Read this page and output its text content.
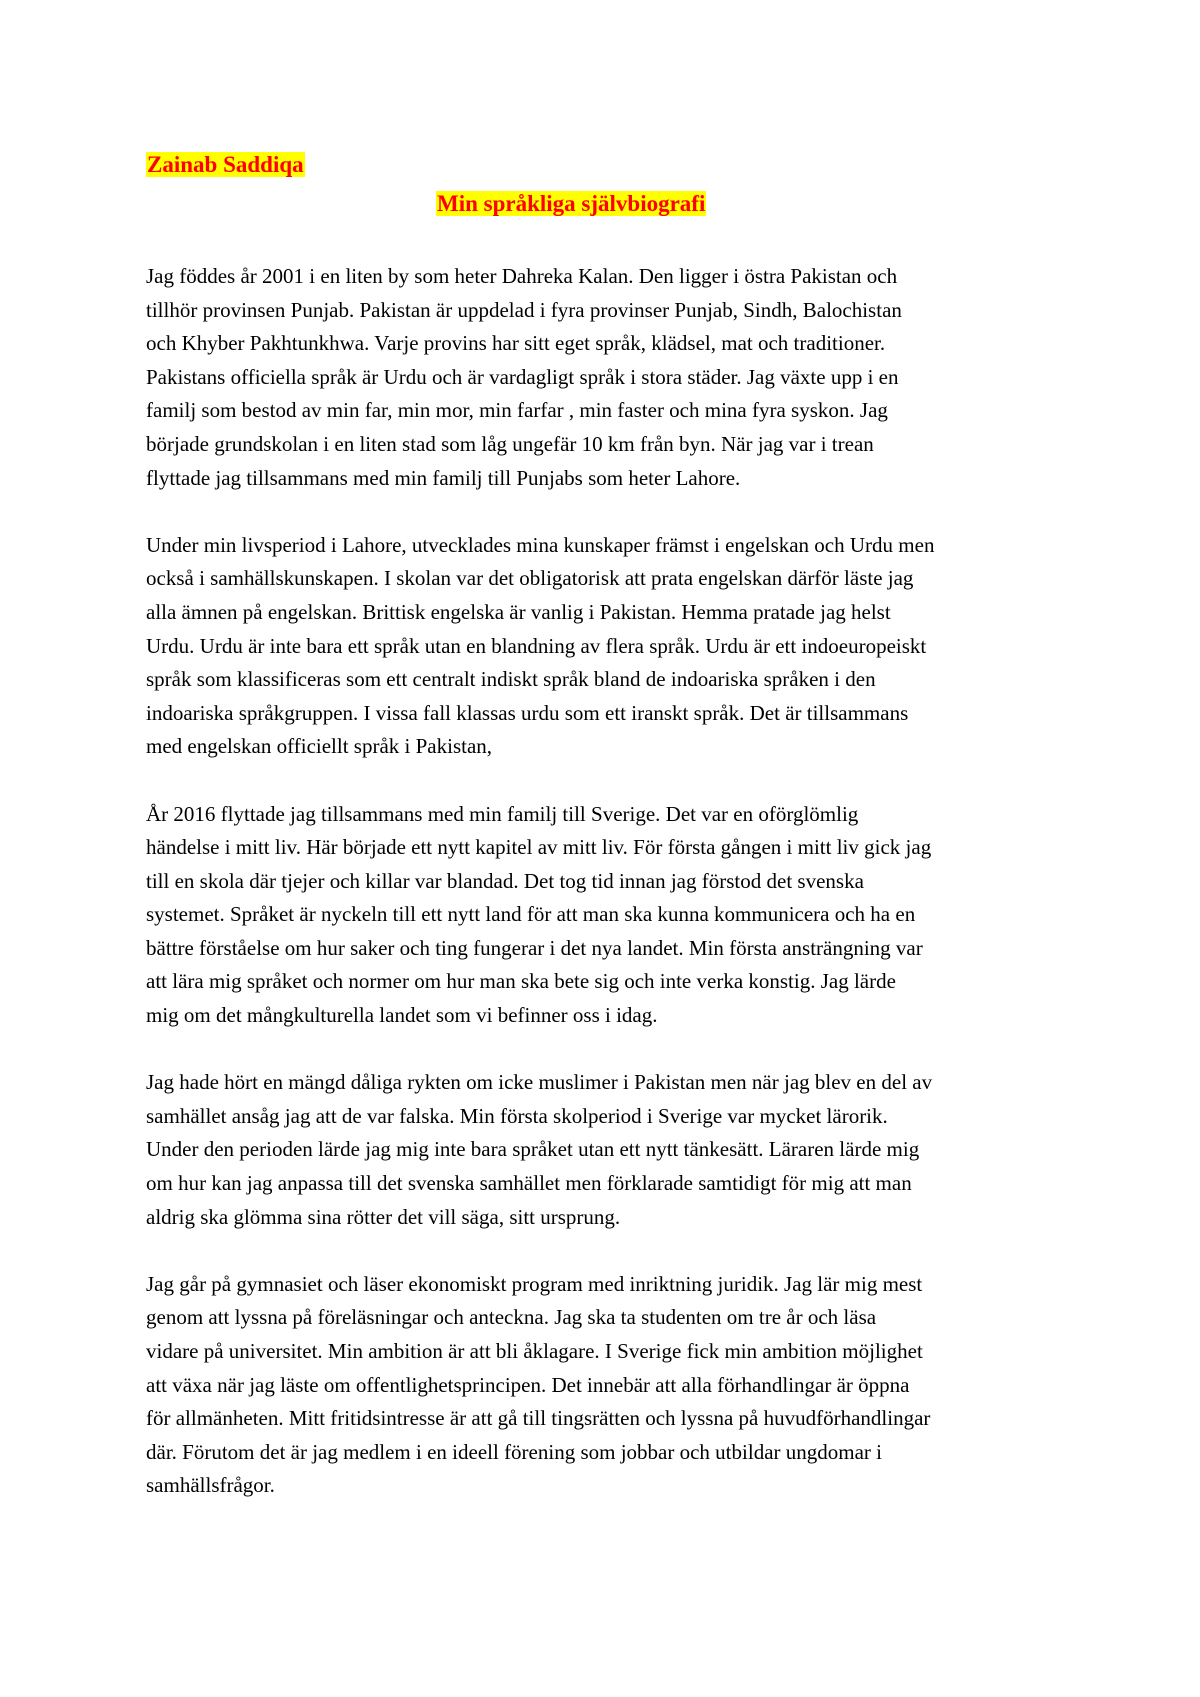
Zainab Saddiqa

Min språkliga självbiografi

Jag föddes år 2001 i en liten by som heter Dahreka Kalan. Den ligger i östra Pakistan och
tillhör provinsen Punjab. Pakistan är uppdelad i fyra provinser Punjab, Sindh, Balochistan
och Khyber Pakhtunkhwa. Varje provins har sitt eget språk, klädsel, mat och traditioner.
Pakistans officiella språk är Urdu och är vardagligt språk i stora städer. Jag växte upp i en
familj som bestod av min far, min mor, min farfar , min faster och mina fyra syskon. Jag
började grundskolan i en liten stad som låg ungefär 10 km från byn. När jag var i trean
flyttade jag tillsammans med min familj till Punjabs som heter Lahore.

Under min livsperiod i Lahore, utvecklades mina kunskaper främst i engelskan och Urdu men
också i samhällskunskapen. I skolan var det obligatorisk att prata engelskan därför läste jag
alla ämnen på engelskan. Brittisk engelska är vanlig i Pakistan. Hemma pratade jag helst
Urdu. Urdu är inte bara ett språk utan en blandning av flera språk. Urdu är ett indoeuropeiskt
språk som klassificeras som ett centralt indiskt språk bland de indoariska språken i den
indoariska språkgruppen. I vissa fall klassas urdu som ett iranskt språk. Det är tillsammans
med engelskan officiellt språk i Pakistan,

År 2016 flyttade jag tillsammans med min familj till Sverige. Det var en oförglömlig
händelse i mitt liv. Här började ett nytt kapitel av mitt liv. För första gången i mitt liv gick jag
till en skola där tjejer och killar var blandad. Det tog tid innan jag förstod det svenska
systemet. Språket är nyckeln till ett nytt land för att man ska kunna kommunicera och ha en
bättre förståelse om hur saker och ting fungerar i det nya landet. Min första ansträngning var
att lära mig språket och normer om hur man ska bete sig och inte verka konstig. Jag lärde
mig om det mångkulturella landet som vi befinner oss i idag.

Jag hade hört en mängd dåliga rykten om icke muslimer i Pakistan men när jag blev en del av
samhället ansåg jag att de var falska. Min första skolperiod i Sverige var mycket lärorik.
Under den perioden lärde jag mig inte bara språket utan ett nytt tänkesätt. Läraren lärde mig
om hur kan jag anpassa till det svenska samhället men förklarade samtidigt för mig att man
aldrig ska glömma sina rötter det vill säga, sitt ursprung.

Jag går på gymnasiet och läser ekonomiskt program med inriktning juridik. Jag lär mig mest
genom att lyssna på föreläsningar och anteckna. Jag ska ta studenten om tre år och läsa
vidare på universitet. Min ambition är att bli åklagare. I Sverige fick min ambition möjlighet
att växa när jag läste om offentlighetsprincipen. Det innebär att alla förhandlingar är öppna
för allmänheten. Mitt fritidsintresse är att gå till tingsrätten och lyssna på huvudförhandlingar
där. Förutom det är jag medlem i en ideell förening som jobbar och utbildar ungdomar i
samhällsfrågor.
